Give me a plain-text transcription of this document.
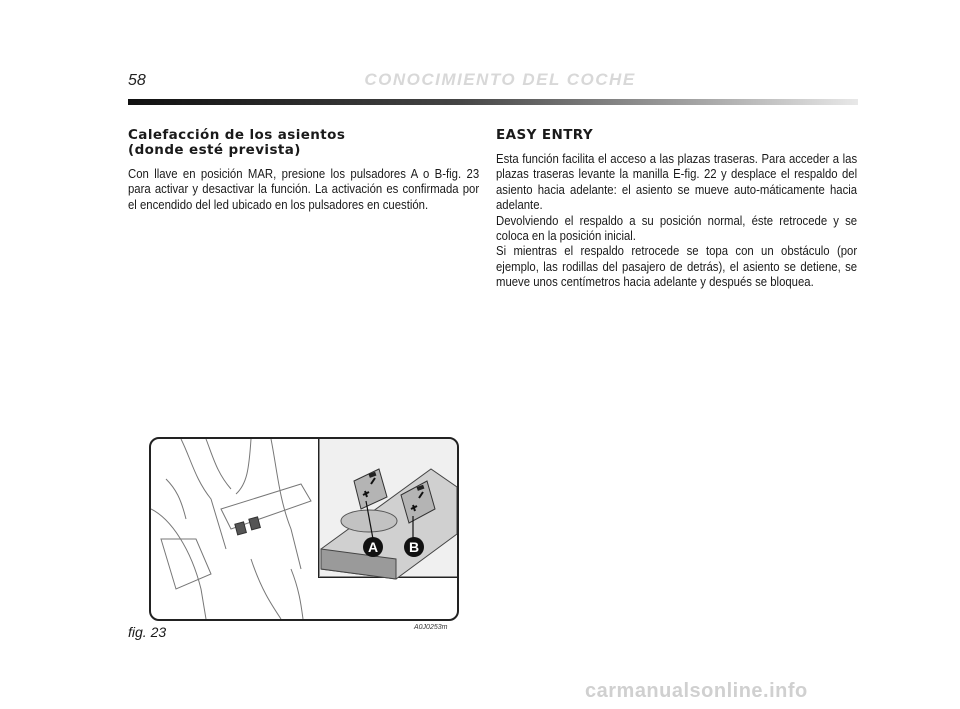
58	CONOCIMIENTO DEL COCHE
Calefacción de los asientos
(donde esté prevista)

Con llave en posición MAR, presione los pulsadores A o B-fig. 23 para activar y desactivar la función. La activación es confirmada por el encendido del led ubicado en los pulsadores en cuestión.

EASY ENTRY

Esta función facilita el acceso a las plazas traseras. Para acceder a las plazas traseras levante la manilla E-fig. 22 y desplace el respaldo del asiento hacia adelante: el asiento se mueve auto-máticamente hacia adelante.

Devolviendo el respaldo a su posición normal, éste retrocede y se coloca en la posición inicial.

Si mientras el respaldo retrocede se topa con un obstáculo (por ejemplo, las rodillas del pasajero de detrás), el asiento se detiene, se mueve unos centímetros hacia adelante y después se bloquea.

A B
fig. 23	A0J0253m
carmanualsonline.info
